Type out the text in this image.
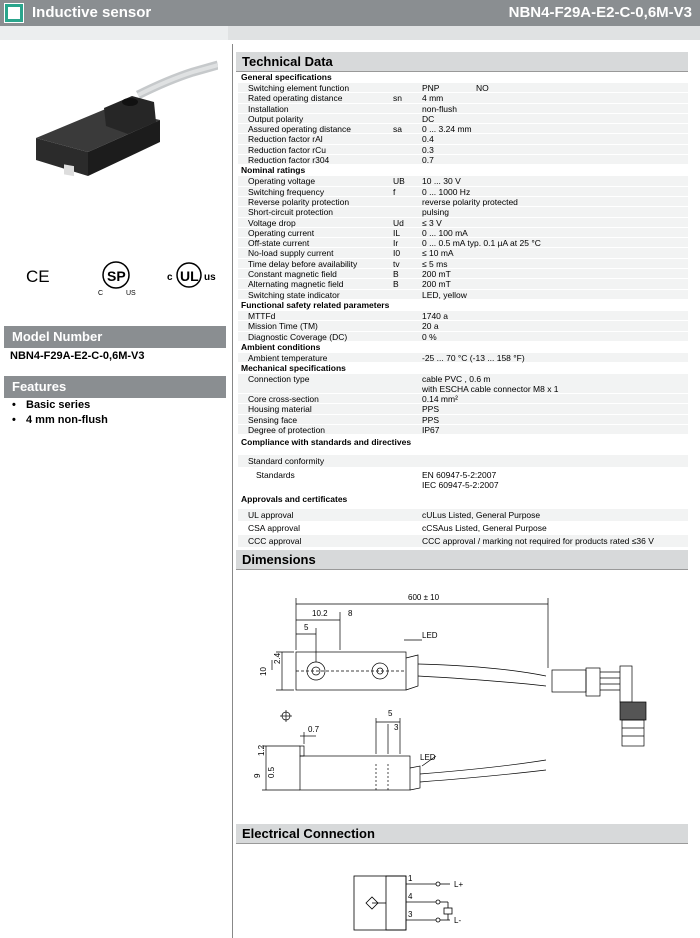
Inductive sensor	NBN4-F29A-E2-C-0,6M-V3
CE	SP
C	US
UL
c	us
Model Number
NBN4-F29A-E2-C-0,6M-V3
Features
• Basic series
• 4 mm non-flush
Technical Data
General specifications
Switching element function	PNP	NO
Rated operating distance	sn 4 mm
Installation	non-flush
Output polarity	DC
Assured operating distance	sa 0 ... 3.24 mm
Reduction factor rAl	0.4
Reduction factor rCu	0.3
Reduction factor r304	0.7
Nominal ratings
Operating voltage	UB 10 ... 30 V
Switching frequency	f	0 ... 1000 Hz
Reverse polarity protection	reverse polarity protected
Short-circuit protection	pulsing
Voltage drop	Ud ≤ 3 V
Operating current	IL	0 ... 100 mA
Off-state current	Ir	0 ... 0.5 mA typ. 0.1 µA at 25 °C
No-load supply current	I0	≤ 10 mA
Time delay before availability	tv	≤ 5 ms
Constant magnetic field	B	200 mT
Alternating magnetic field	B	200 mT
Switching state indicator	LED, yellow
Functional safety related parameters
MTTFd	1740 a
Mission Time (TM)	20 a
Diagnostic Coverage (DC)	0 %
Ambient conditions
Ambient temperature	-25 ... 70 °C (-13 ... 158 °F)
Mechanical specifications
Connection type	cable PVC , 0.6 m
with ESCHA cable connector M8 x 1
Core cross-section	0.14 mm²
Housing material	PPS
Sensing face	PPS
Degree of protection	IP67
Compliance with standards and directives
Standard conformity
Standards	EN 60947-5-2:2007
IEC 60947-5-2:2007
Approvals and certificates
UL approval	cULus Listed, General Purpose
CSA approval	cCSAus Listed, General Purpose
CCC approval	CCC approval / marking not required for products rated ≤36 V
Dimensions
600 ± 10
10.2	8
5
2.4
10
LED
0.7
5
3
1.2
9 0.5
LED
Electrical Connection
1
4
3
L+
L-
